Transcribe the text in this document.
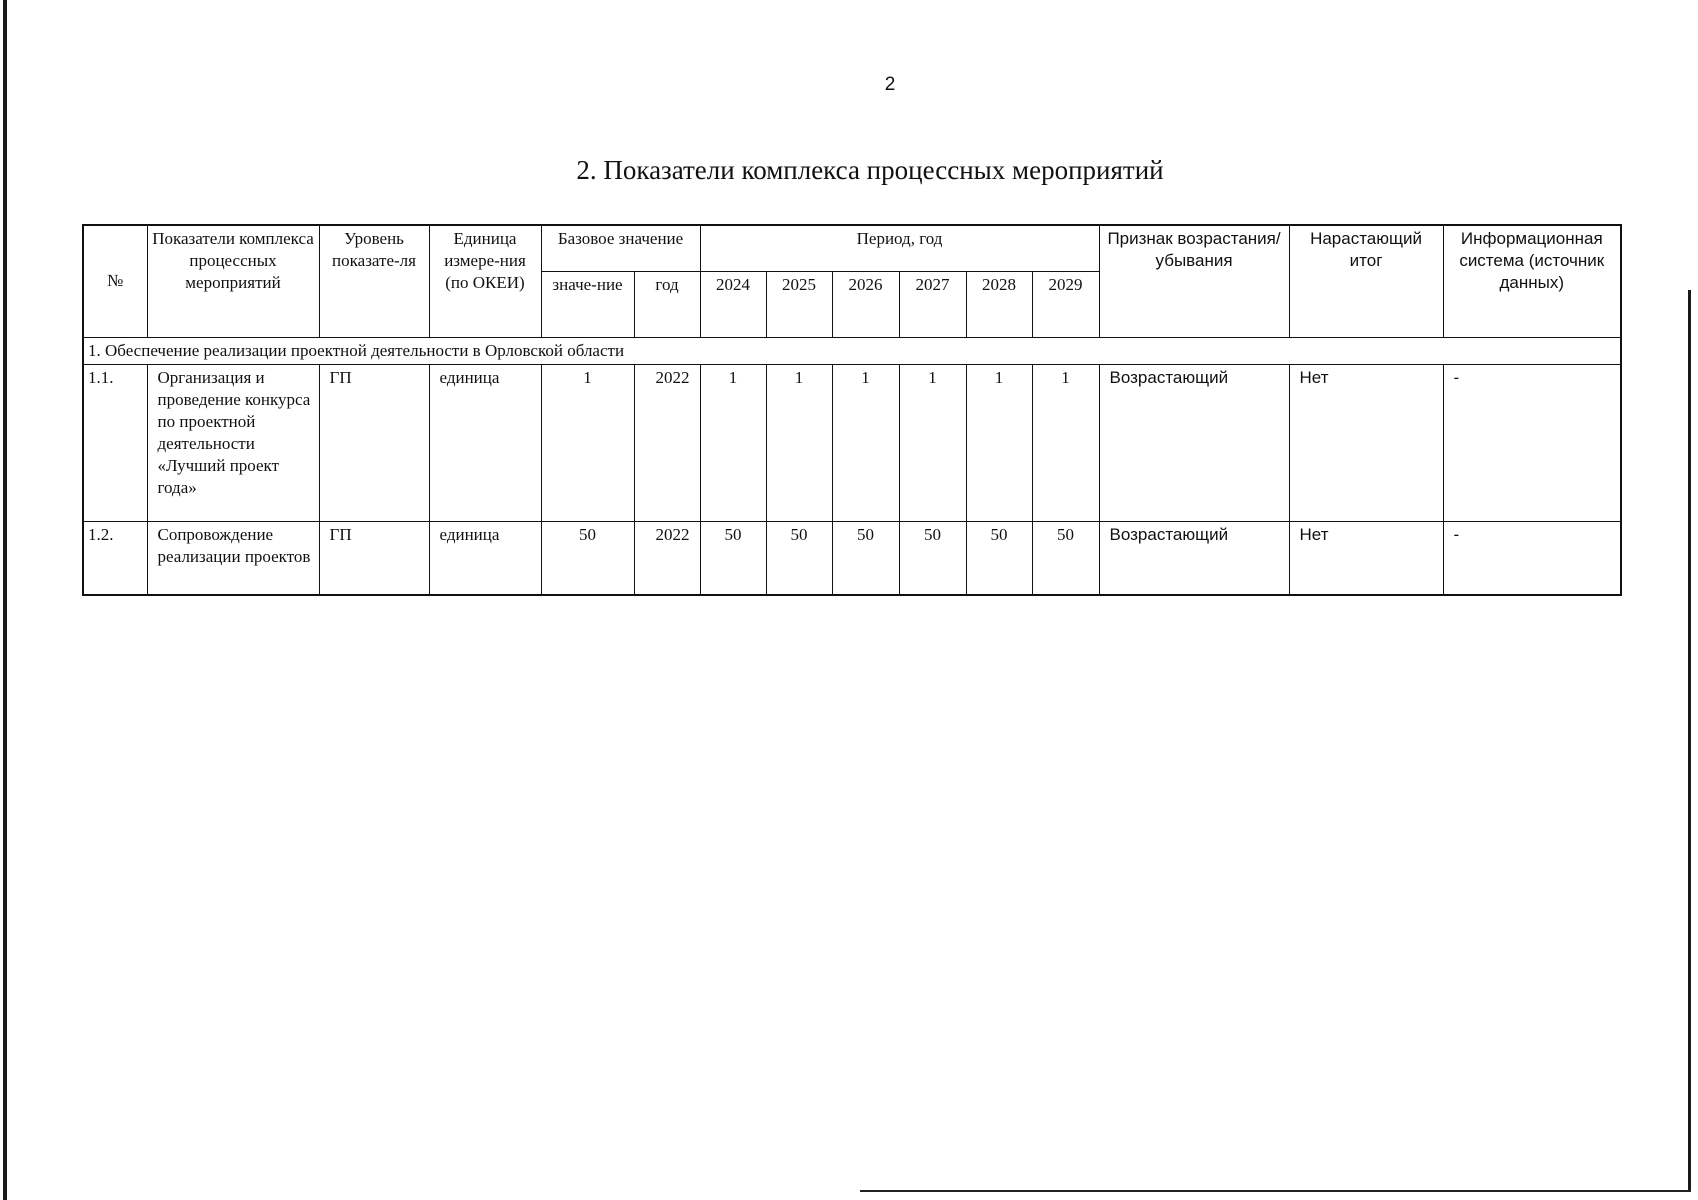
2
2. Показатели комплекса процессных мероприятий
№	Показатели комплекса процессных мероприятий	Уровень показате-ля	Единица измере-ния (по ОКЕИ)	Базовое значение		Период, год						Признак возрастания/ убывания	Нарастающий итог	Информационная система (источник данных)
				значе-ние	год	2024	2025	2026	2027	2028	2029			
1. Обеспечение реализации проектной деятельности в Орловской области														
1.1.	Организация и проведение конкурса по проектной деятельности «Лучший проект года»	ГП	единица	1	2022	1	1	1	1	1	1	Возрастающий	Нет	-
1.2.	Сопровождение реализации проектов	ГП	единица	50	2022	50	50	50	50	50	50	Возрастающий	Нет	-
